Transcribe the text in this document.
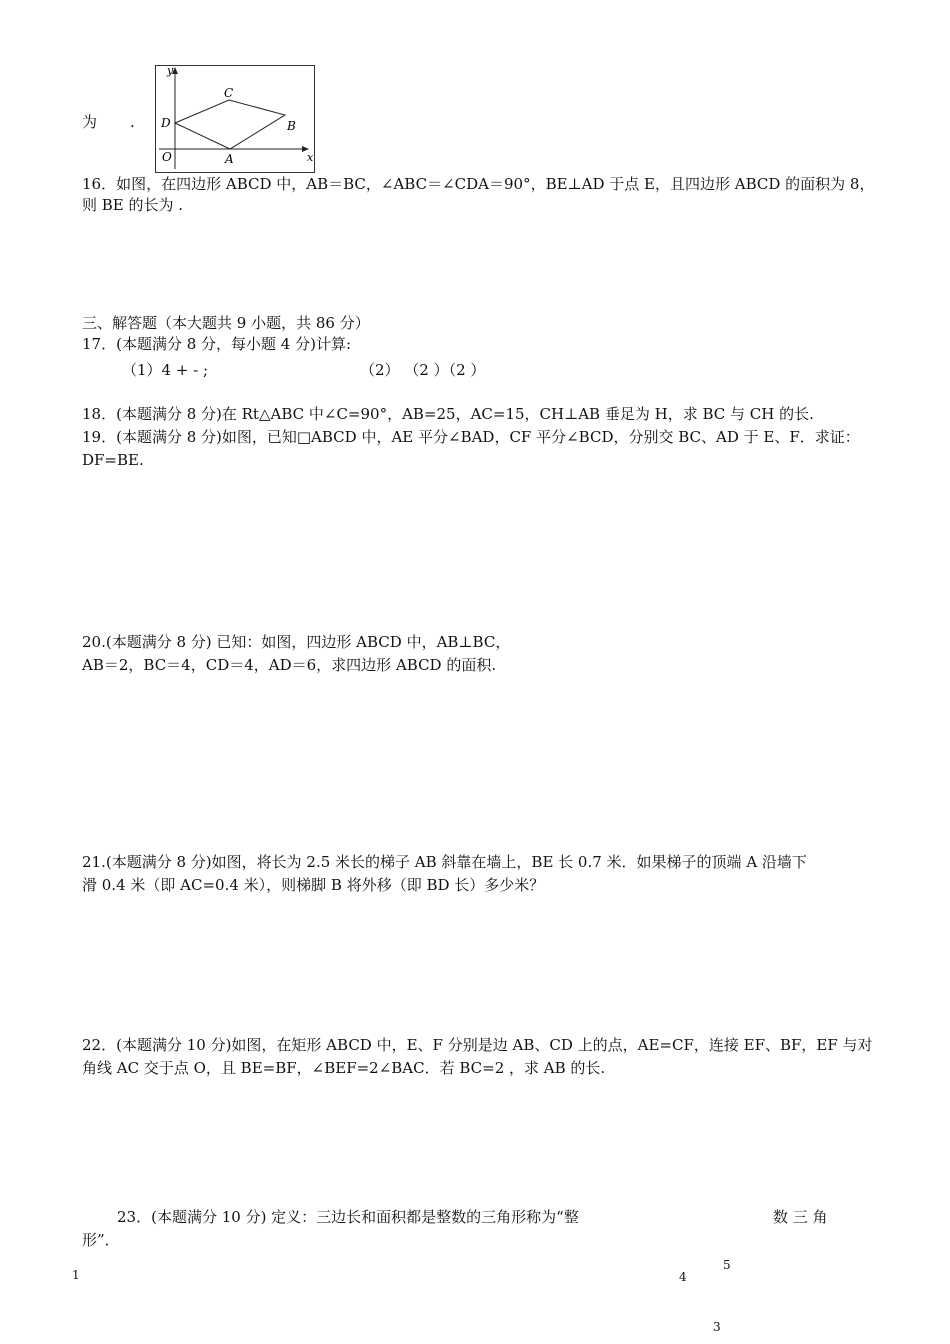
为 .
y
x
O	A
B
C
D
16．如图，在四边形 ABCD 中，AB＝BC，∠ABC＝∠CDA＝90°，BE⊥AD 于点 E，且四边形 ABCD 的面积为 8，
则 BE 的长为 .
三、解答题（本大题共 9 小题，共 86 分）
17．(本题满分 8 分，每小题 4 分)计算:
（1）4 + - ;	（2） （2 ）（2 ）
18．(本题满分 8 分)在 Rt△ABC 中∠C=90°，AB=25，AC=15，CH⊥AB 垂足为 H，求 BC 与 CH 的长.
19．(本题满分 8 分)如图，已知□ABCD 中，AE 平分∠BAD，CF 平分∠BCD，分别交 BC、AD 于 E、F．求证：
DF=BE.
20.(本题满分 8 分) 已知：如图，四边形 ABCD 中，AB⊥BC，
AB＝2，BC＝4，CD＝4，AD＝6，求四边形 ABCD 的面积.
21.(本题满分 8 分)如图，将长为 2.5 米长的梯子 AB 斜靠在墙上，BE 长 0.7 米．如果梯子的顶端 A 沿墙下
滑 0.4 米（即 AC=0.4 米），则梯脚 B 将外移（即 BD 长）多少米？
22．(本题满分 10 分)如图，在矩形 ABCD 中，E、F 分别是边 AB、CD 上的点，AE=CF，连接 EF、BF，EF 与对
角线 AC 交于点 O，且 BE=BF，∠BEF=2∠BAC．若 BC=2 ，求 AB 的长.
23．(本题满分 10 分) 定义：三边长和面积都是整数的三角形称为“整	数 三 角
形”．
1
5
4
3
